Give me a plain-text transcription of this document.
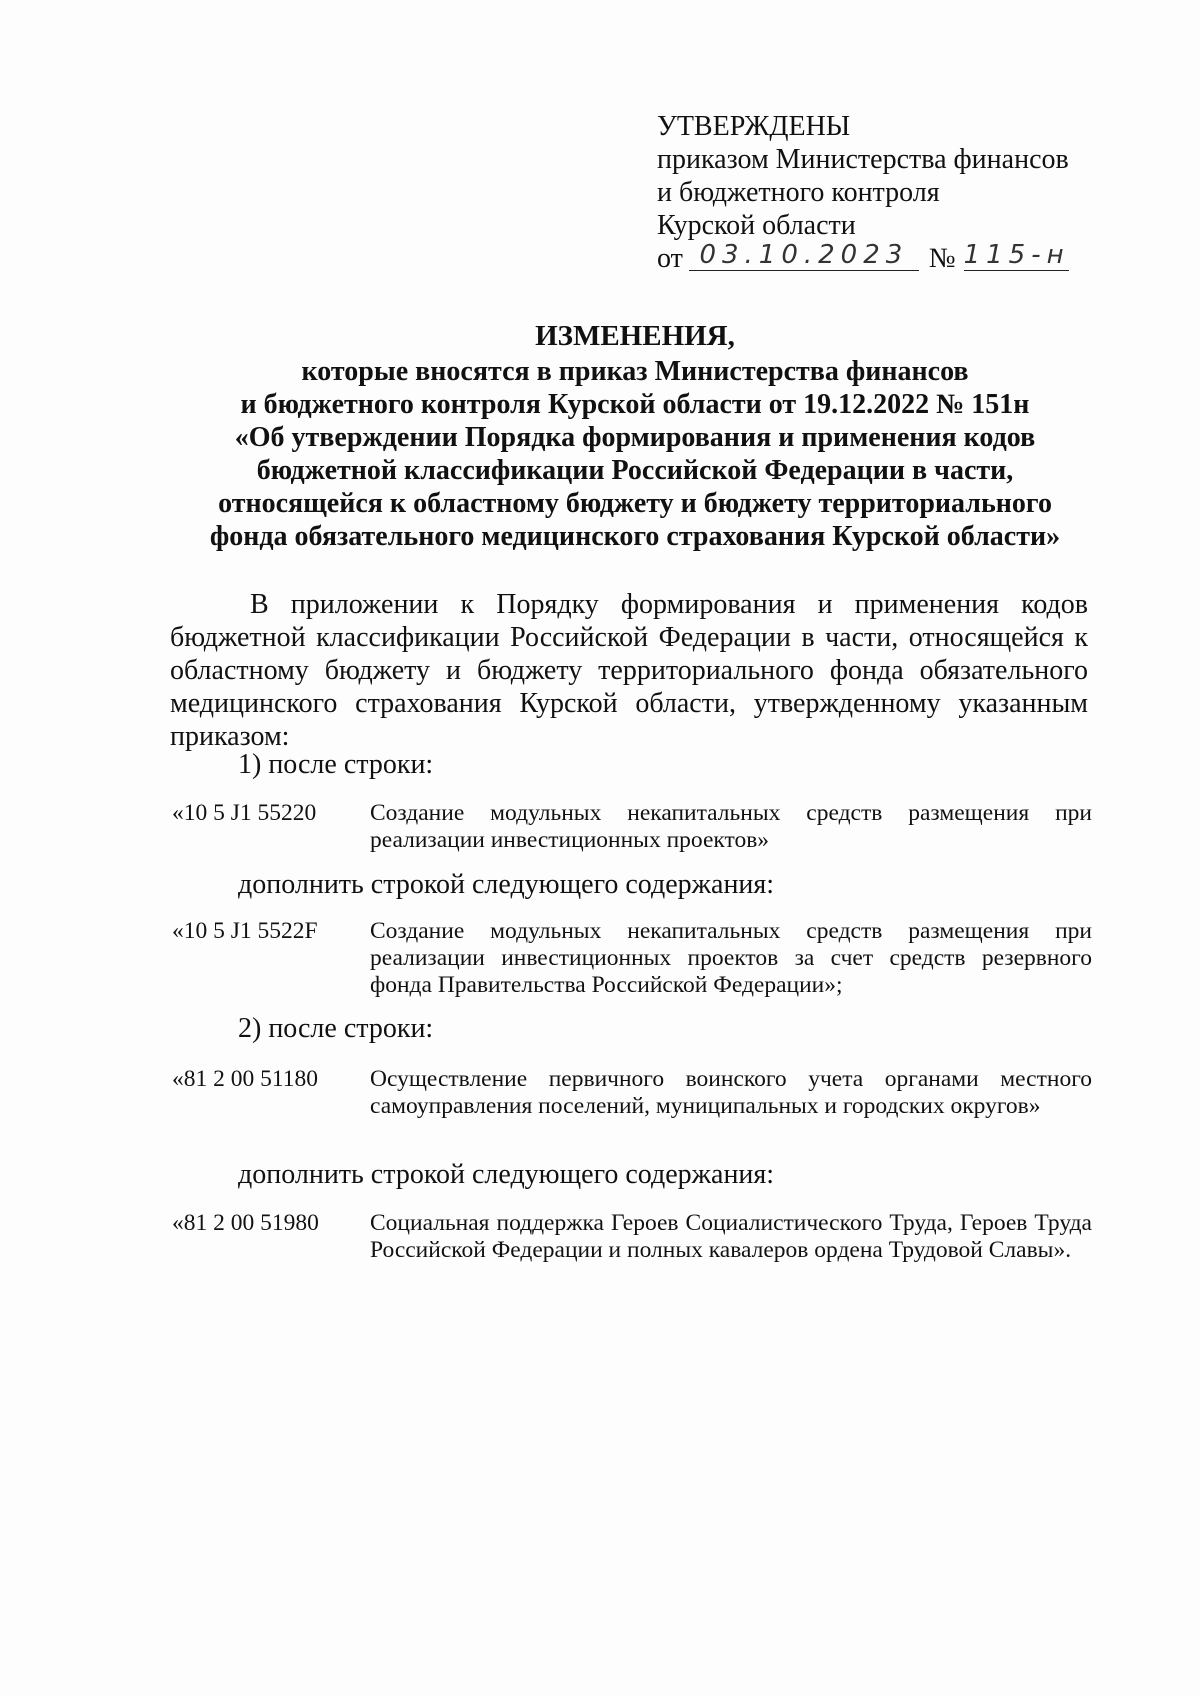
УТВЕРЖДЕНЫ
приказом Министерства финансов
и бюджетного контроля
Курской области
от 03.10.2023 № 115-н
ИЗМЕНЕНИЯ,
которые вносятся в приказ Министерства финансов
и бюджетного контроля Курской области от 19.12.2022 № 151н
«Об утверждении Порядка формирования и применения кодов
бюджетной классификации Российской Федерации в части,
относящейся к областному бюджету и бюджету территориального
фонда обязательного медицинского страхования Курской области»
В приложении к Порядку формирования и применения кодов бюджетной классификации Российской Федерации в части, относящейся к областному бюджету и бюджету территориального фонда обязательного медицинского страхования Курской области, утвержденному указанным приказом:
1) после строки:
«10 5 J1 55220	Создание модульных некапитальных средств размещения при реализации инвестиционных проектов»
дополнить строкой следующего содержания:
«10 5 J1 5522F	Создание модульных некапитальных средств размещения при реализации инвестиционных проектов за счет средств резервного фонда Правительства Российской Федерации»;
2) после строки:
«81 2 00 51180	Осуществление первичного воинского учета органами местного самоуправления поселений, муниципальных и городских округов»
дополнить строкой следующего содержания:
«81 2 00 51980	Социальная поддержка Героев Социалистического Труда, Героев Труда Российской Федерации и полных кавалеров ордена Трудовой Славы».
